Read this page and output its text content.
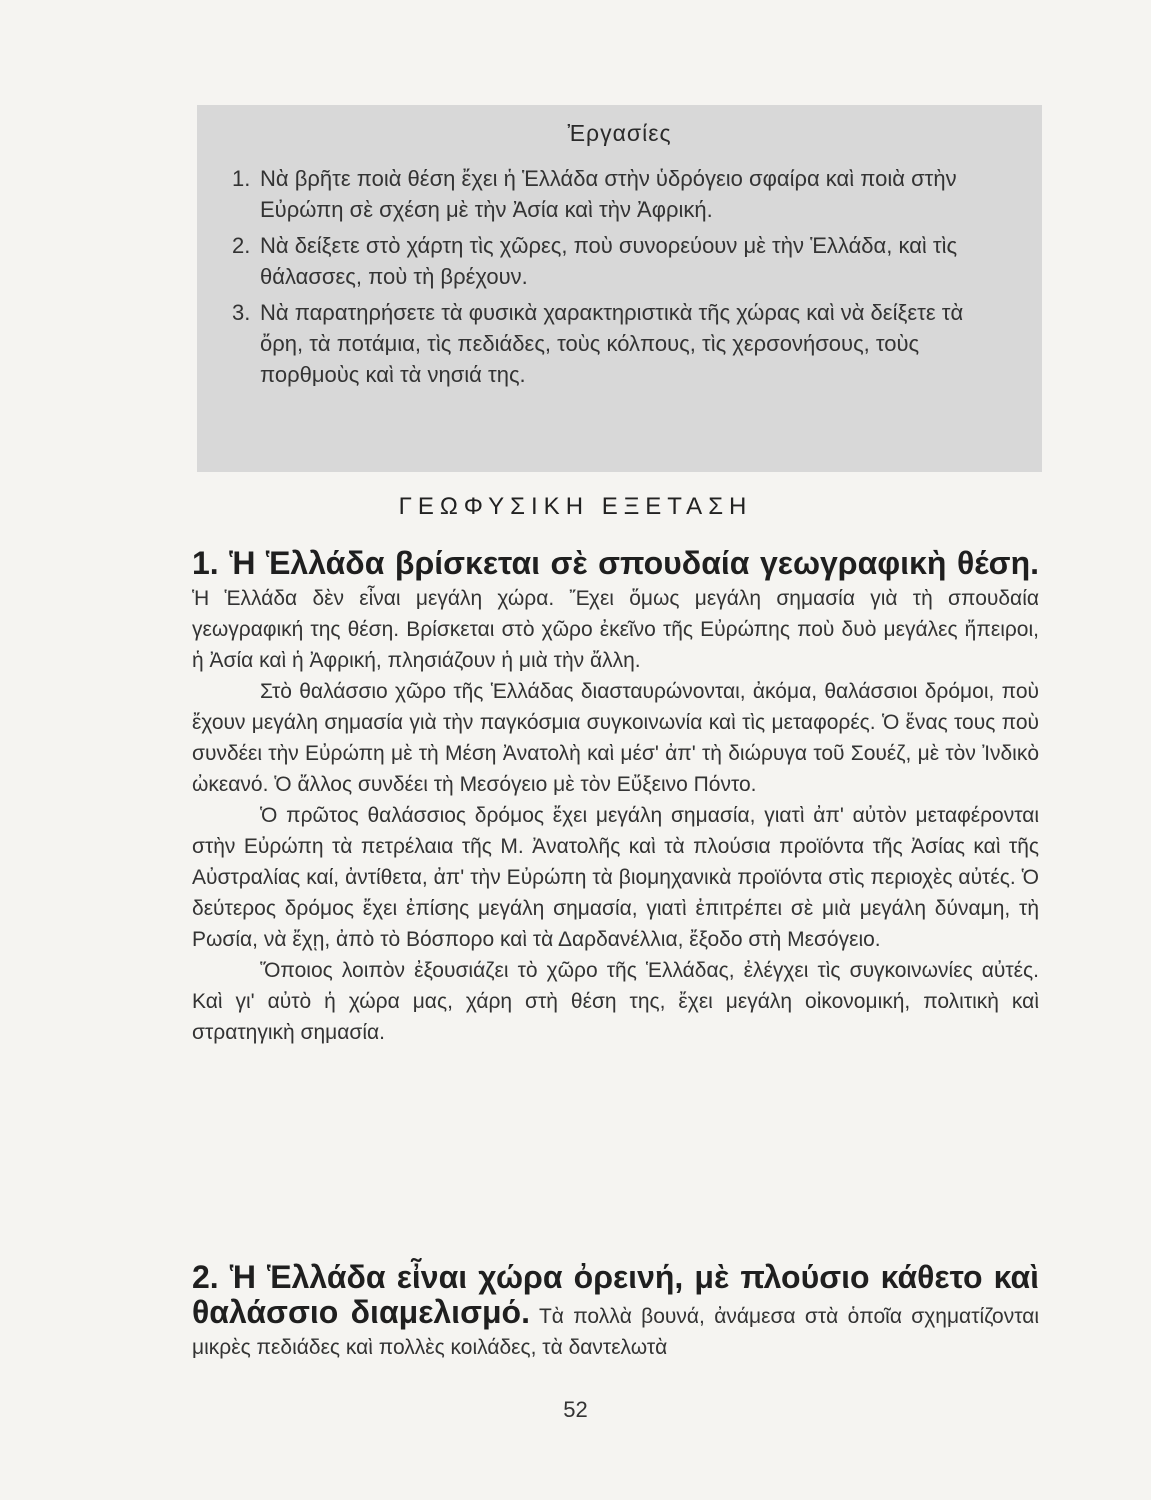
Ἐργασίες
1. Νὰ βρῆτε ποιὰ θέση ἔχει ἡ Ἑλλάδα στὴν ὑδρόγειο σφαίρα καὶ ποιὰ στὴν Εὐρώπη σὲ σχέση μὲ τὴν Ἀσία καὶ τὴν Ἀφρική.
2. Νὰ δείξετε στὸ χάρτη τὶς χῶρες, ποὺ συνορεύουν μὲ τὴν Ἑλλάδα, καὶ τὶς θάλασσες, ποὺ τὴ βρέχουν.
3. Νὰ παρατηρήσετε τὰ φυσικὰ χαρακτηριστικὰ τῆς χώρας καὶ νὰ δείξετε τὰ ὄρη, τὰ ποτάμια, τὶς πεδιάδες, τοὺς κόλπους, τὶς χερσονήσους, τοὺς πορθμοὺς καὶ τὰ νησιά της.
ΓΕΩΦΥΣΙΚΗ ΕΞΕΤΑΣΗ

1. Ἡ Ἑλλάδα βρίσκεται σὲ σπουδαία γεωγραφικὴ θέση. Ἡ Ἑλλάδα δὲν εἶναι μεγάλη χώρα. Ἔχει ὅμως μεγάλη σημασία γιὰ τὴ σπουδαία γεωγραφική της θέση. Βρίσκεται στὸ χῶρο ἐκεῖνο τῆς Εὐρώπης ποὺ δυὸ μεγάλες ἤπειροι, ἡ Ἀσία καὶ ἡ Ἀφρική, πλησιάζουν ἡ μιὰ τὴν ἄλλη.

Στὸ θαλάσσιο χῶρο τῆς Ἑλλάδας διασταυρώνονται, ἀκόμα, θαλάσσιοι δρόμοι, ποὺ ἔχουν μεγάλη σημασία γιὰ τὴν παγκόσμια συγκοινωνία καὶ τὶς μεταφορές. Ὁ ἕνας τους ποὺ συνδέει τὴν Εὐρώπη μὲ τὴ Μέση Ἀνατολὴ καὶ μέσ' ἀπ' τὴ διώρυγα τοῦ Σουέζ, μὲ τὸν Ἰνδικὸ ὠκεανό. Ὁ ἄλλος συνδέει τὴ Μεσόγειο μὲ τὸν Εὔξεινο Πόντο.

Ὁ πρῶτος θαλάσσιος δρόμος ἔχει μεγάλη σημασία, γιατὶ ἀπ' αὐτὸν μεταφέρονται στὴν Εὐρώπη τὰ πετρέλαια τῆς Μ. Ἀνατολῆς καὶ τὰ πλούσια προϊόντα τῆς Ἀσίας καὶ τῆς Αὐστραλίας καί, ἀντίθετα, ἀπ' τὴν Εὐρώπη τὰ βιομηχανικὰ προϊόντα στὶς περιοχὲς αὐτές. Ὁ δεύτερος δρόμος ἔχει ἐπίσης μεγάλη σημασία, γιατὶ ἐπιτρέπει σὲ μιὰ μεγάλη δύναμη, τὴ Ρωσία, νὰ ἔχῃ, ἀπὸ τὸ Βόσπορο καὶ τὰ Δαρδανέλλια, ἔξοδο στὴ Μεσόγειο.

Ὅποιος λοιπὸν ἐξουσιάζει τὸ χῶρο τῆς Ἑλλάδας, ἐλέγχει τὶς συγκοινωνίες αὐτές. Καὶ γι' αὐτὸ ἡ χώρα μας, χάρη στὴ θέση της, ἔχει μεγάλη οἰκονομική, πολιτικὴ καὶ στρατηγικὴ σημασία.

2. Ἡ Ἑλλάδα εἶναι χώρα ὀρεινή, μὲ πλούσιο κάθετο καὶ θαλάσσιο διαμελισμό. Τὰ πολλὰ βουνά, ἀνάμεσα στὰ ὁποῖα σχηματίζονται μικρὲς πεδιάδες καὶ πολλὲς κοιλάδες, τὰ δαντελωτὰ

52
